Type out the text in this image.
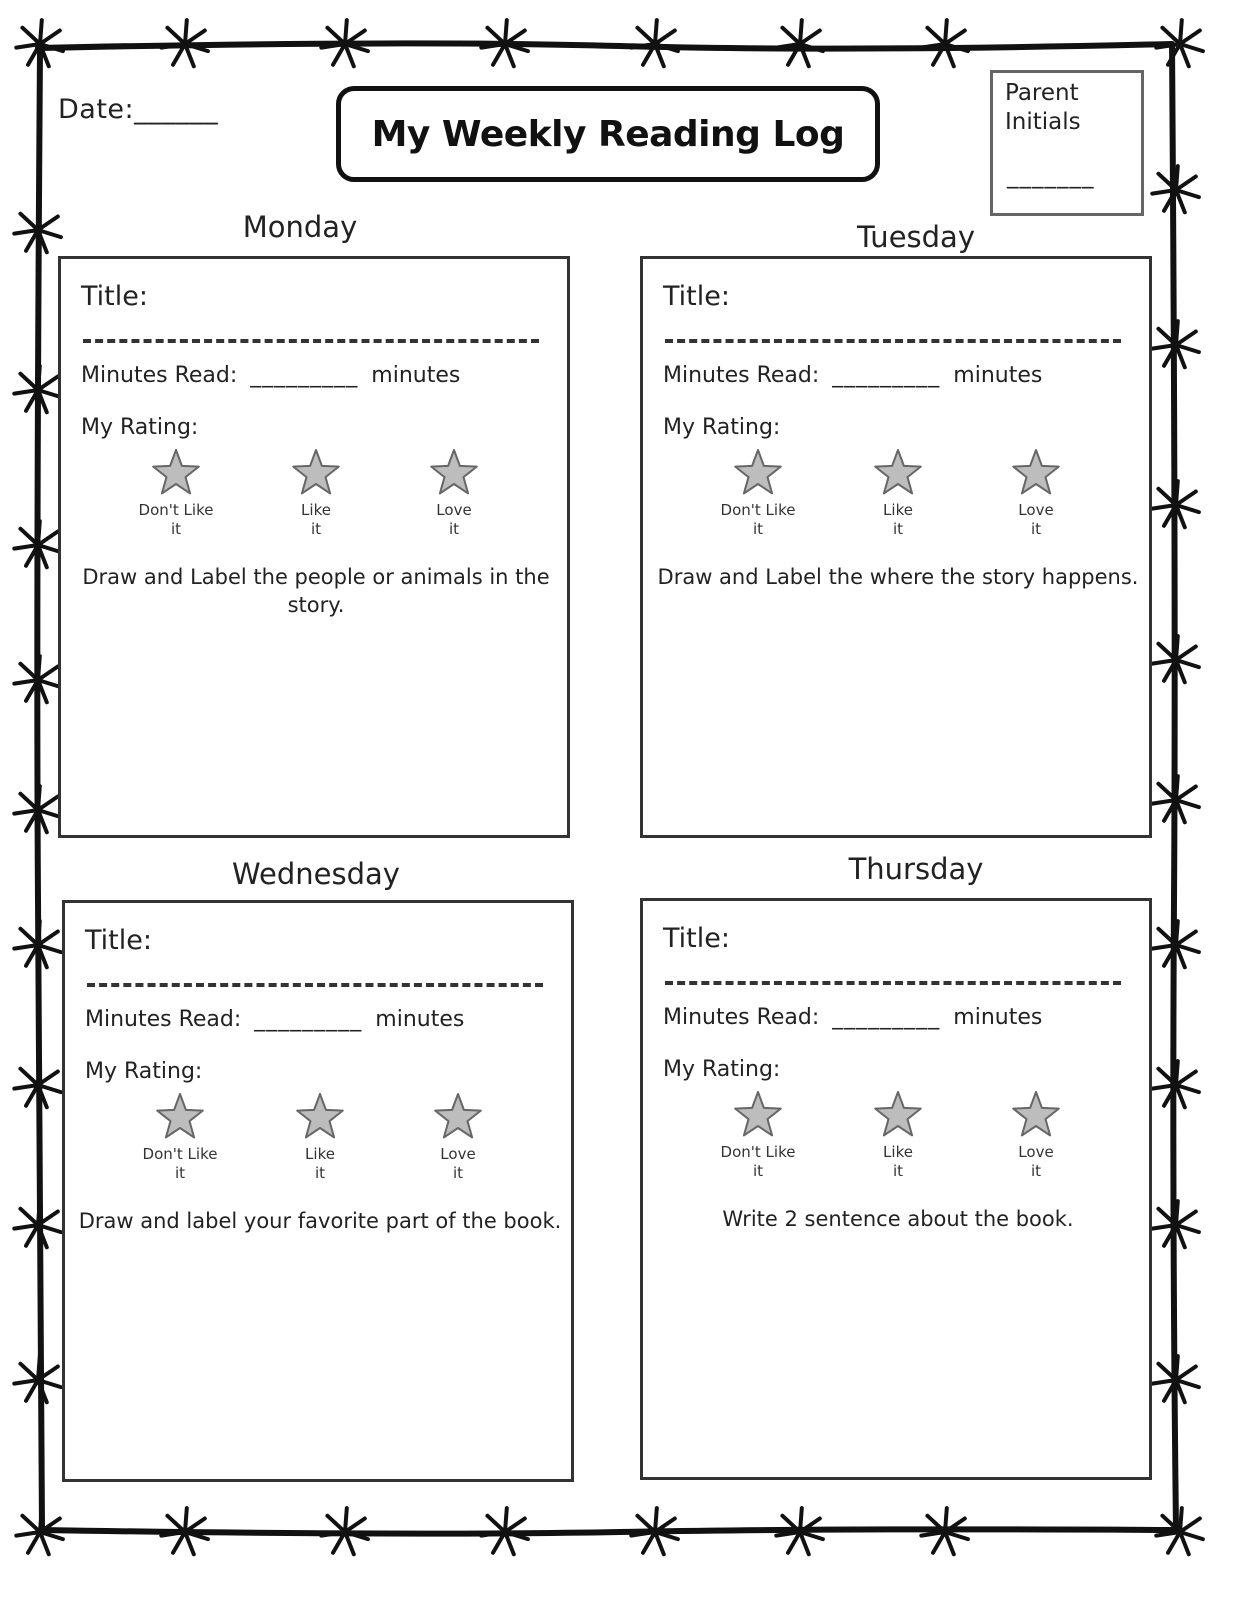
Date:______
My Weekly Reading Log
Parent
Initials
_______
Monday
Title:
Minutes Read: _________ minutes
My Rating:
Don't Like
it
Like
it
Love
it
Draw and Label the people or animals in the story.
Tuesday
Title:
Minutes Read: _________ minutes
My Rating:
Don't Like
it
Like
it
Love
it
Draw and Label the where the story happens.
Wednesday
Title:
Minutes Read: _________ minutes
My Rating:
Don't Like
it
Like
it
Love
it
Draw and label your favorite part of the book.
Thursday
Title:
Minutes Read: _________ minutes
My Rating:
Don't Like
it
Like
it
Love
it
Write 2 sentence about the book.
